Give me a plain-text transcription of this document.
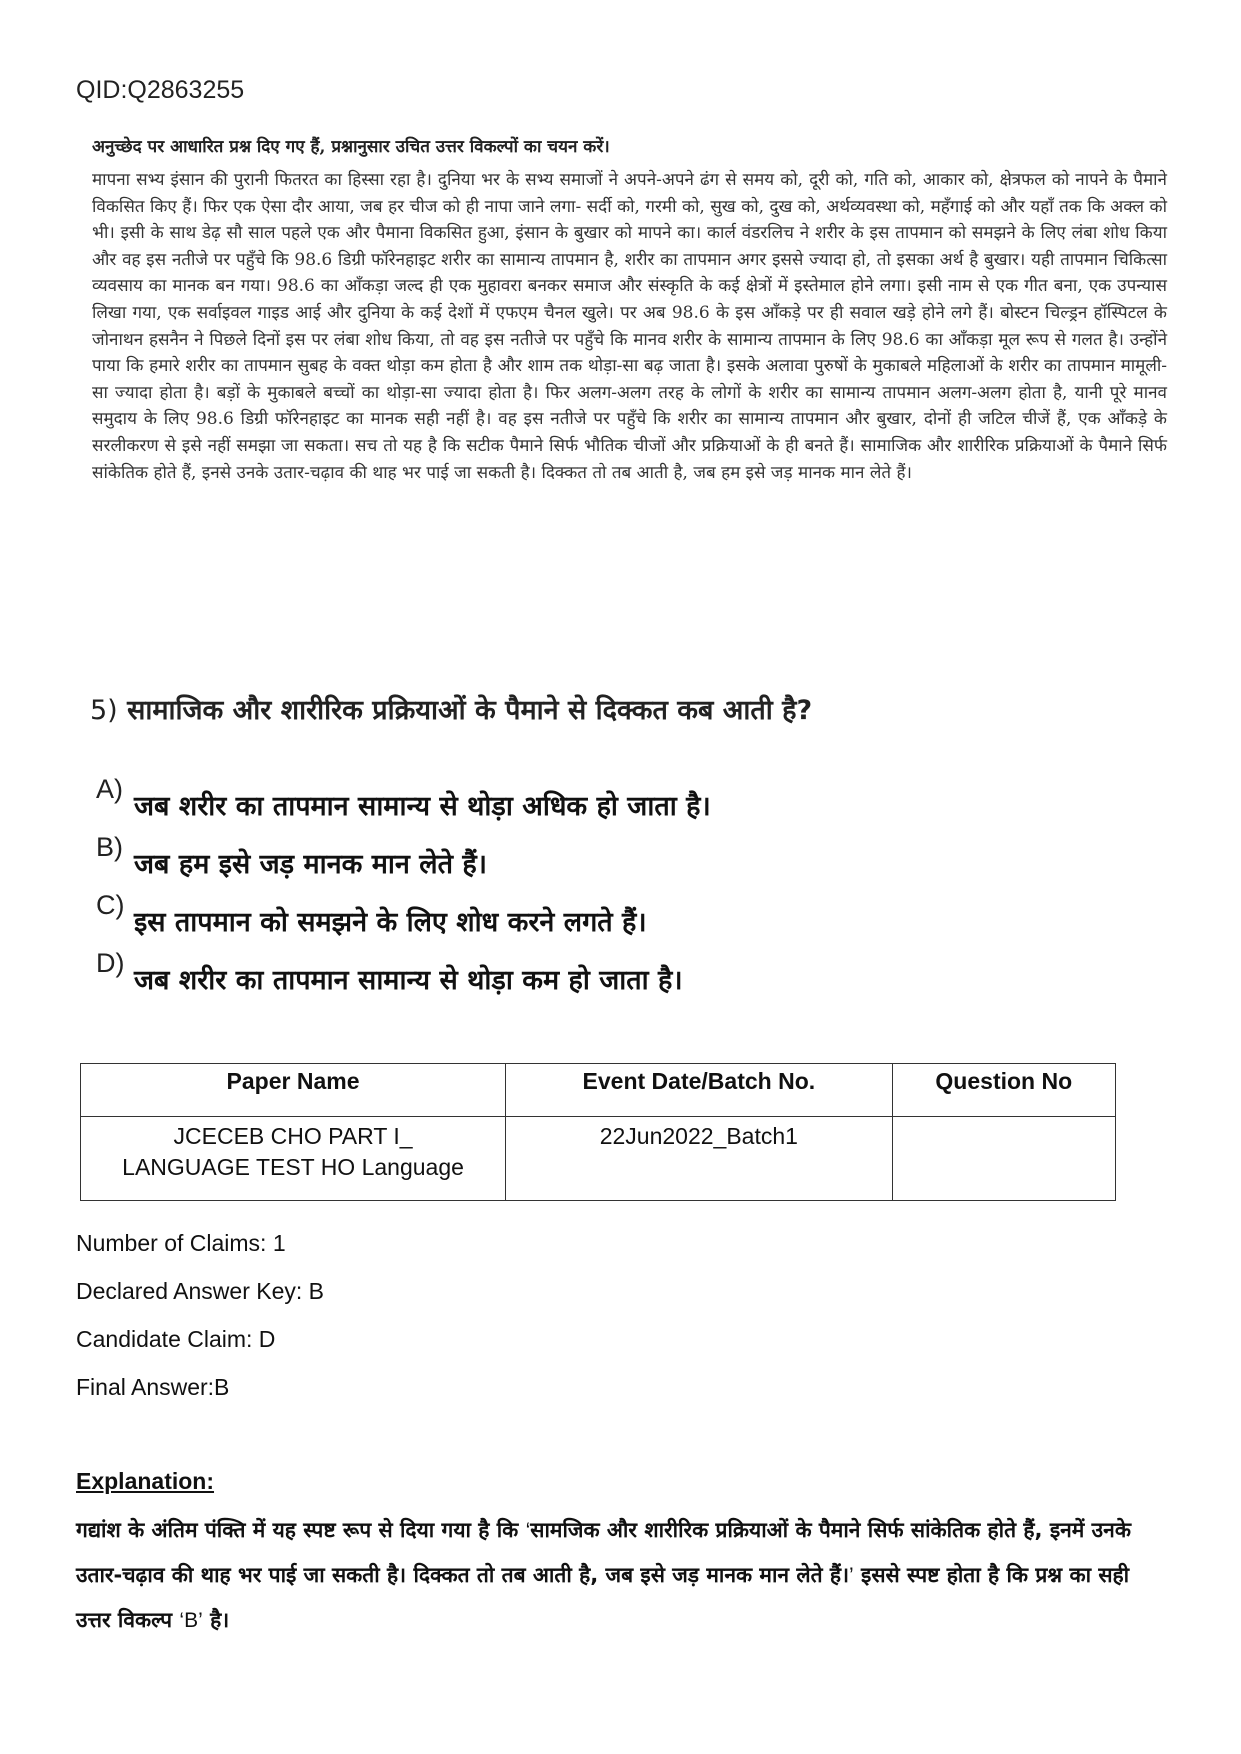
QID:Q2863255

अनुच्छेद पर आधारित प्रश्न दिए गए हैं, प्रश्नानुसार उचित उत्तर विकल्पों का चयन करें।

मापना सभ्य इंसान की पुरानी फितरत का हिस्सा रहा है। दुनिया भर के सभ्य समाजों ने अपने-अपने ढंग से समय को, दूरी को, गति को, आकार को, क्षेत्रफल को नापने के पैमाने विकसित किए हैं। फिर एक ऐसा दौर आया, जब हर चीज को ही नापा जाने लगा- सर्दी को, गरमी को, सुख को, दुख को, अर्थव्यवस्था को, महँगाई को और यहाँ तक कि अक्ल को भी। इसी के साथ डेढ़ सौ साल पहले एक और पैमाना विकसित हुआ, इंसान के बुखार को मापने का। कार्ल वंडरलिच ने शरीर के इस तापमान को समझने के लिए लंबा शोध किया और वह इस नतीजे पर पहुँचे कि 98.6 डिग्री फॉरेनहाइट शरीर का सामान्य तापमान है, शरीर का तापमान अगर इससे ज्यादा हो, तो इसका अर्थ है बुखार। यही तापमान चिकित्सा व्यवसाय का मानक बन गया। 98.6 का आँकड़ा जल्द ही एक मुहावरा बनकर समाज और संस्कृति के कई क्षेत्रों में इस्तेमाल होने लगा। इसी नाम से एक गीत बना, एक उपन्यास लिखा गया, एक सर्वाइवल गाइड आई और दुनिया के कई देशों में एफएम चैनल खुले। पर अब 98.6 के इस आँकड़े पर ही सवाल खड़े होने लगे हैं। बोस्टन चिल्ड्रन हॉस्पिटल के जोनाथन हसनैन ने पिछले दिनों इस पर लंबा शोध किया, तो वह इस नतीजे पर पहुँचे कि मानव शरीर के सामान्य तापमान के लिए 98.6 का आँकड़ा मूल रूप से गलत है। उन्होंने पाया कि हमारे शरीर का तापमान सुबह के वक्त थोड़ा कम होता है और शाम तक थोड़ा-सा बढ़ जाता है। इसके अलावा पुरुषों के मुकाबले महिलाओं के शरीर का तापमान मामूली-सा ज्यादा होता है। बड़ों के मुकाबले बच्चों का थोड़ा-सा ज्यादा होता है। फिर अलग-अलग तरह के लोगों के शरीर का सामान्य तापमान अलग-अलग होता है, यानी पूरे मानव समुदाय के लिए 98.6 डिग्री फॉरेनहाइट का मानक सही नहीं है। वह इस नतीजे पर पहुँचे कि शरीर का सामान्य तापमान और बुखार, दोनों ही जटिल चीजें हैं, एक आँकड़े के सरलीकरण से इसे नहीं समझा जा सकता। सच तो यह है कि सटीक पैमाने सिर्फ भौतिक चीजों और प्रक्रियाओं के ही बनते हैं। सामाजिक और शारीरिक प्रक्रियाओं के पैमाने सिर्फ सांकेतिक होते हैं, इनसे उनके उतार-चढ़ाव की थाह भर पाई जा सकती है। दिक्कत तो तब आती है, जब हम इसे जड़ मानक मान लेते हैं।

5) सामाजिक और शारीरिक प्रक्रियाओं के पैमाने से दिक्कत कब आती है?
A)
जब शरीर का तापमान सामान्य से थोड़ा अधिक हो जाता है।
B)
जब हम इसे जड़ मानक मान लेते हैं।
C)
इस तापमान को समझने के लिए शोध करने लगते हैं।
D)
जब शरीर का तापमान सामान्य से थोड़ा कम हो जाता है।
Paper Name	Event Date/Batch No.	Question No

JCECEB CHO PART I_
LANGUAGE TEST HO Language	22Jun2022_Batch1	
Number of Claims: 1
Declared Answer Key: B
Candidate Claim: D
Final Answer:B
Explanation:
गद्यांश के अंतिम पंक्ति में यह स्पष्ट रूप से दिया गया है कि ‘सामजिक और शारीरिक प्रक्रियाओं के पैमाने सिर्फ सांकेतिक होते हैं, इनमें उनके उतार-चढ़ाव की थाह भर पाई जा सकती है। दिक्कत तो तब आती है, जब इसे जड़ मानक मान लेते हैं।’ इससे स्पष्ट होता है कि प्रश्न का सही उत्तर विकल्प ‘B’ है।
